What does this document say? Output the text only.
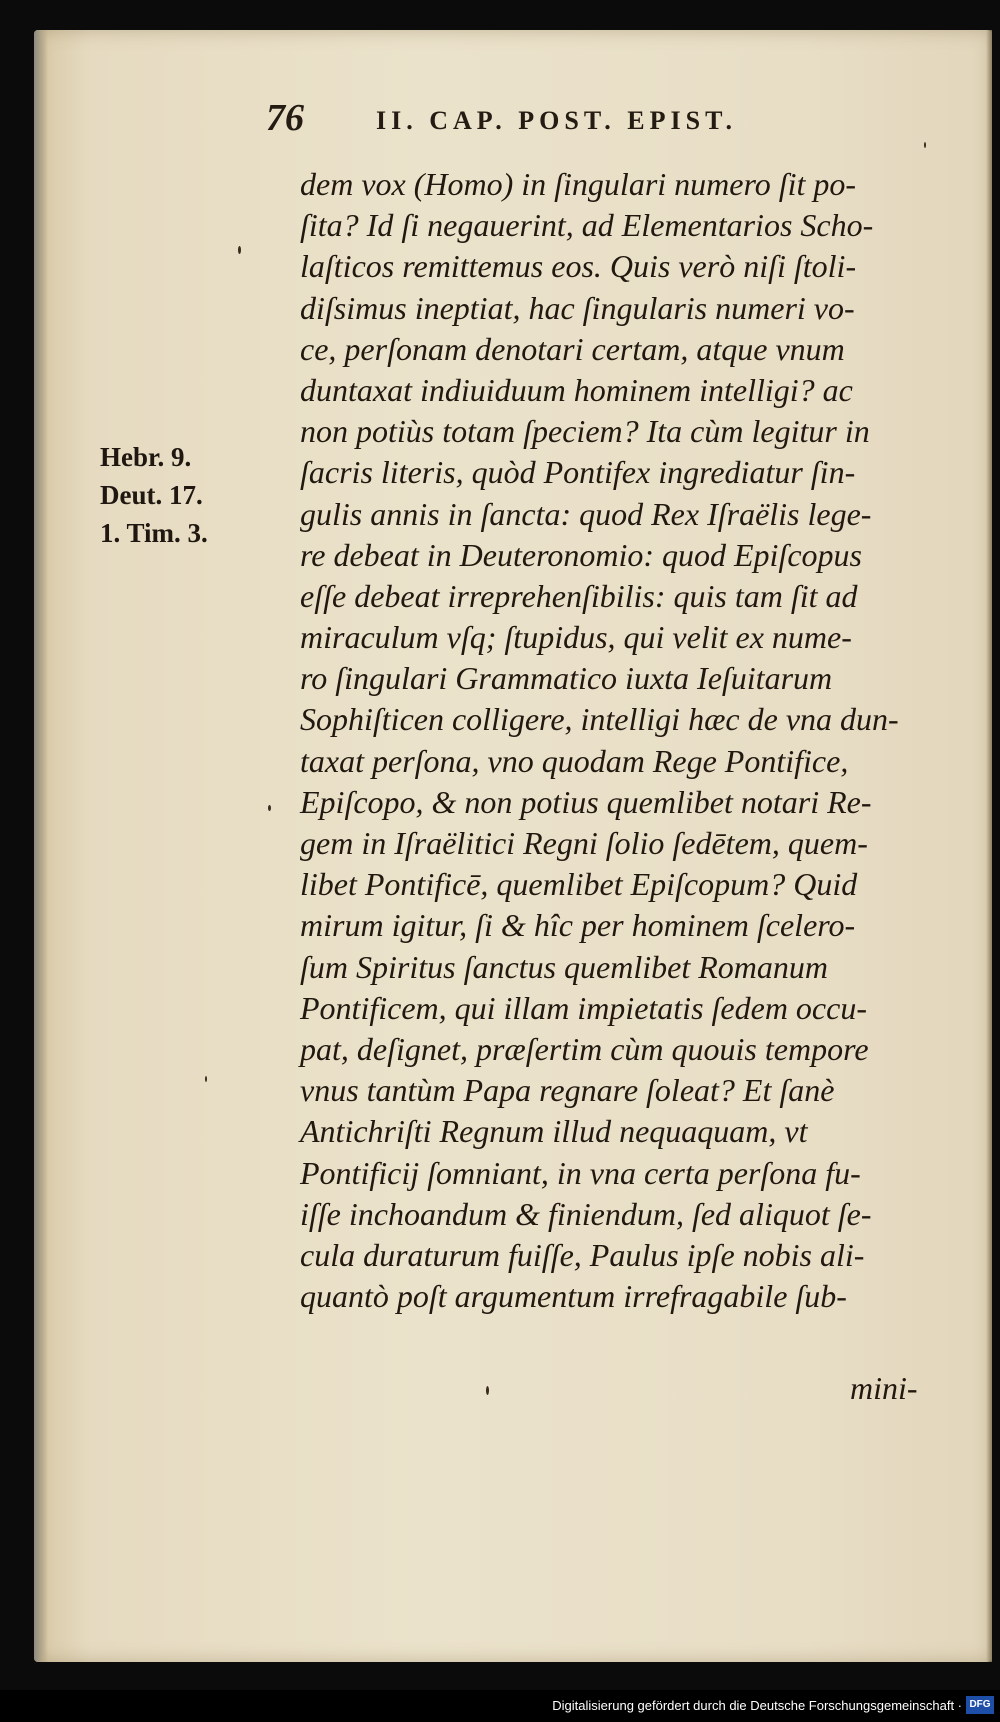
76	II. CAP. POST. EPIST.
Hebr. 9.
Deut. 17.
1. Tim. 3.
dem vox (Homo) in ſingulari numero ſit po-
ſita? Id ſi negauerint, ad Elementarios Scho-
laſticos remittemus eos. Quis verò niſi ſtoli-
diſsimus ineptiat, hac ſingularis numeri vo-
ce, perſonam denotari certam, atque vnum
duntaxat indiuiduum hominem intelligi? ac
non potiùs totam ſpeciem? Ita cùm legitur in
ſacris literis, quòd Pontifex ingrediatur ſin-
gulis annis in ſancta: quod Rex Iſraëlis lege-
re debeat in Deuteronomio: quod Epiſcopus
eſſe debeat irreprehenſibilis: quis tam ſit ad
miraculum vſq; ſtupidus, qui velit ex nume-
ro ſingulari Grammatico iuxta Ieſuitarum
Sophiſticen colligere, intelligi hæc de vna dun-
taxat perſona, vno quodam Rege Pontifice,
Epiſcopo, & non potius quemlibet notari Re-
gem in Iſraëlitici Regni ſolio ſedētem, quem-
libet Pontificē, quemlibet Epiſcopum? Quid
mirum igitur, ſi & hîc per hominem ſcelero-
ſum Spiritus ſanctus quemlibet Romanum
Pontificem, qui illam impietatis ſedem occu-
pat, deſignet, præſertim cùm quouis tempore
vnus tantùm Papa regnare ſoleat? Et ſanè
Antichriſti Regnum illud nequaquam, vt
Pontificij ſomniant, in vna certa perſona fu-
iſſe inchoandum & finiendum, ſed aliquot ſe-
cula duraturum fuiſſe, Paulus ipſe nobis ali-
quantò poſt argumentum irrefragabile ſub-
mini-
Digitalisierung gefördert durch die Deutsche Forschungsgemeinschaft · DFG
